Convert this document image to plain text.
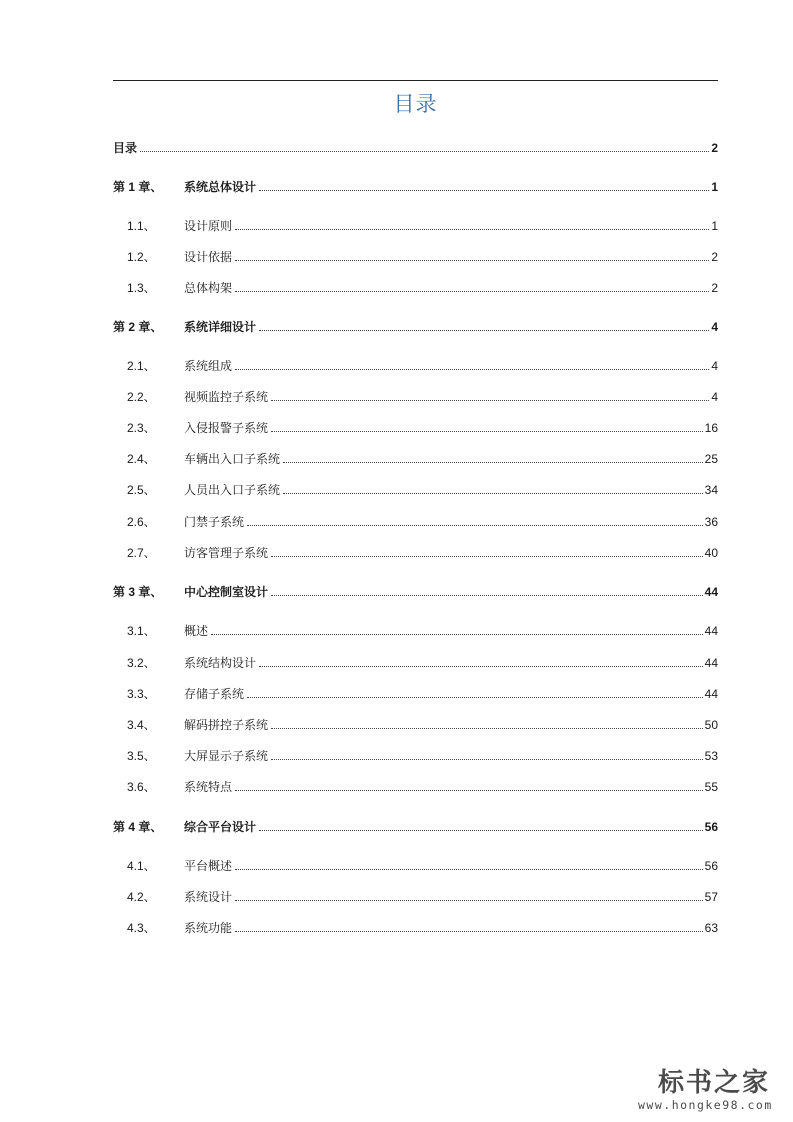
目录
目录	2
第 1 章、	系统总体设计	1
1.1、	设计原则	1
1.2、	设计依据	2
1.3、	总体构架	2
第 2 章、	系统详细设计	4
2.1、	系统组成	4
2.2、	视频监控子系统	4
2.3、	入侵报警子系统	16
2.4、	车辆出入口子系统	25
2.5、	人员出入口子系统	34
2.6、	门禁子系统	36
2.7、	访客管理子系统	40
第 3 章、	中心控制室设计	44
3.1、	概述	44
3.2、	系统结构设计	44
3.3、	存储子系统	44
3.4、	解码拼控子系统	50
3.5、	大屏显示子系统	53
3.6、	系统特点	55
第 4 章、	综合平台设计	56
4.1、	平台概述	56
4.2、	系统设计	57
4.3、	系统功能	63
标书之家
www.hongke98.com
